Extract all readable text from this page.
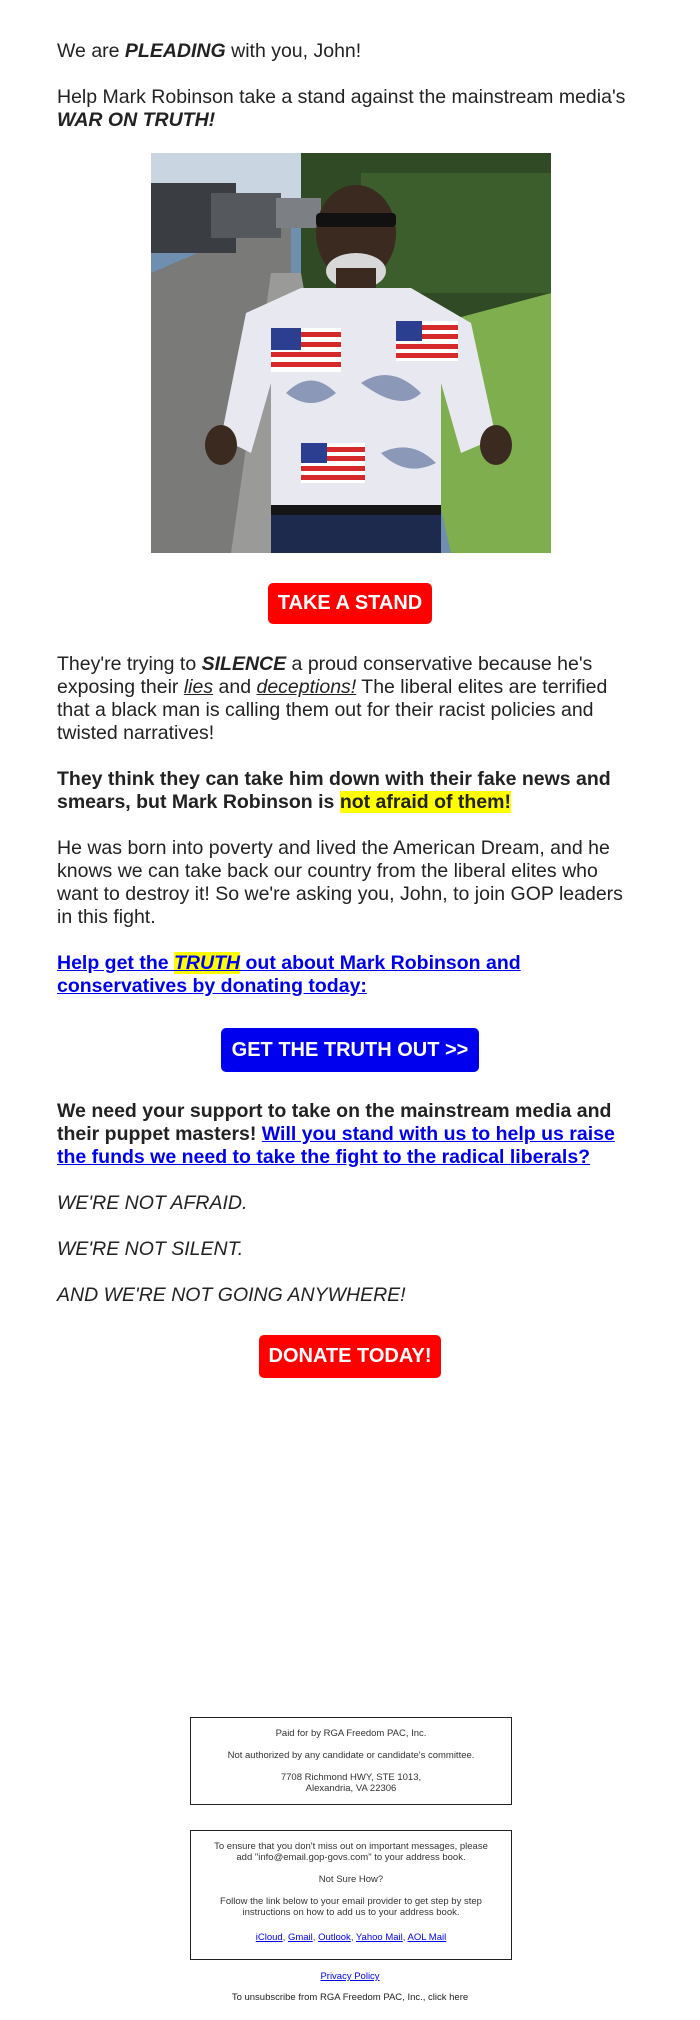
We are PLEADING with you, John!

Help Mark Robinson take a stand against the mainstream media's
WAR ON TRUTH!

TAKE A STAND

They're trying to SILENCE a proud conservative because he's exposing their lies and deceptions! The liberal elites are terrified that a black man is calling them out for their racist policies and twisted narratives!

They think they can take him down with their fake news and smears, but Mark Robinson is not afraid of them!

He was born into poverty and lived the American Dream, and he knows we can take back our country from the liberal elites who want to destroy it! So we're asking you, John, to join GOP leaders in this fight.

Help get the TRUTH out about Mark Robinson and conservatives by donating today:

GET THE TRUTH OUT >>

We need your support to take on the mainstream media and their puppet masters! Will you stand with us to help us raise the funds we need to take the fight to the radical liberals?

WE'RE NOT AFRAID.

WE'RE NOT SILENT.

AND WE'RE NOT GOING ANYWHERE!

DONATE TODAY!

Paid for by RGA Freedom PAC, Inc.

Not authorized by any candidate or candidate's committee.

7708 Richmond HWY, STE 1013,

Alexandria, VA 22306

To ensure that you don't miss out on important messages, please add "info@email.gop-govs.com" to your address book.

Not Sure How?

Follow the link below to your email provider to get step by step instructions on how to add us to your address book.

iCloud, Gmail, Outlook, Yahoo Mail, AOL Mail

Privacy Policy
To unsubscribe from RGA Freedom PAC, Inc., click here
